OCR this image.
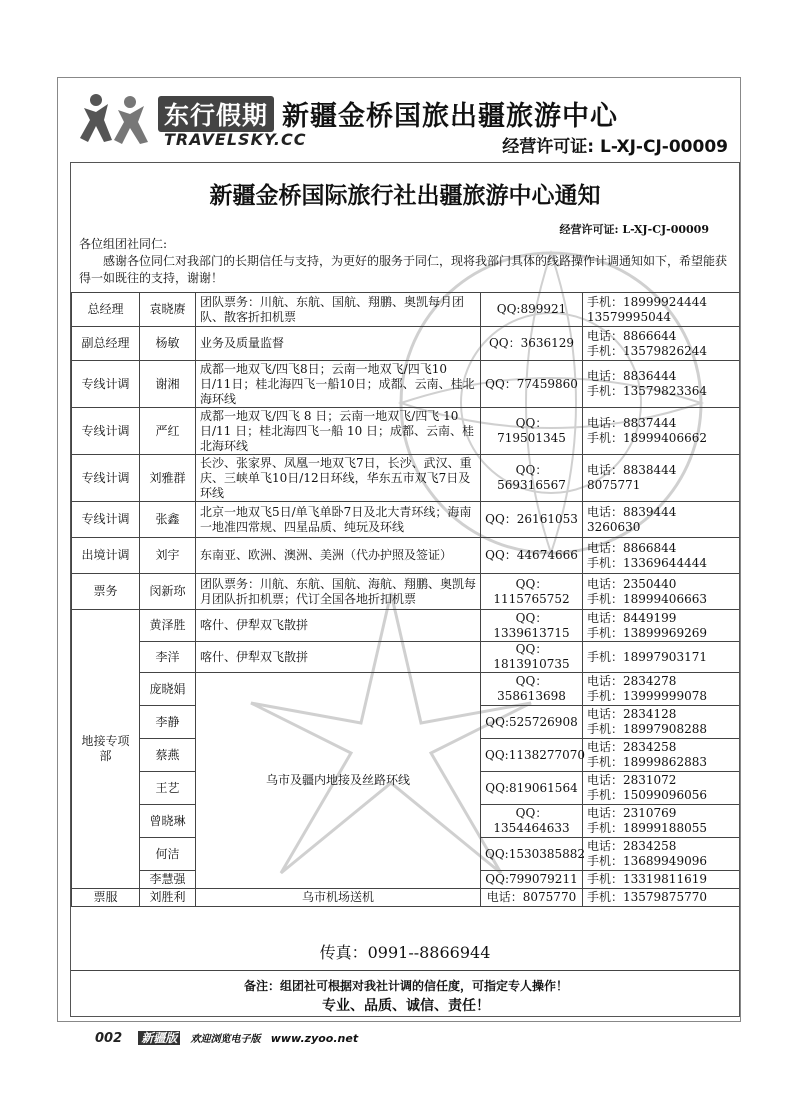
东行假期
TRAVELSKY.CC
新疆金桥国旅出疆旅游中心
经营许可证: L-XJ-CJ-00009
新疆金桥国际旅行社出疆旅游中心通知
经营许可证: L-XJ-CJ-00009
各位组团社同仁:
感谢各位同仁对我部门的长期信任与支持，为更好的服务于同仁，现将我部门具体的线路操作计调通知如下，希望能获得一如既往的支持，谢谢！
总经理	袁晓赓	团队票务：川航、东航、国航、翔鹏、奥凯每月团队、散客折扣机票	QQ:899921	手机：18999924444
13579995044

副总经理	杨敏	业务及质量监督	QQ：3636129	电话：8866644
手机：13579826244

专线计调	谢湘	成都一地双飞/四飞8日；云南一地双飞/四飞10日/11日；桂北海四飞一船10日；成都、云南、桂北海环线	QQ：77459860	电话：8836444
手机：13579823364

专线计调	严红	成都一地双飞/四飞 8 日；云南一地双飞/四飞 10 日/11 日；桂北海四飞一船 10 日；成都、云南、桂北海环线	QQ：719501345	电话：8837444
手机：18999406662

专线计调	刘雅群	长沙、张家界、凤凰一地双飞7日，长沙、武汉、重庆、三峡单飞10日/12日环线，华东五市双飞7日及环线	QQ：569316567	电话：8838444
8075771

专线计调	张鑫	北京一地双飞5日/单飞单卧7日及北大青环线；海南一地准四常规、四星品质、纯玩及环线	QQ：26161053	电话：8839444
3260630

出境计调	刘宇	东南亚、欧洲、澳洲、美洲（代办护照及签证）	QQ：44674666	电话：8866844
手机：13369644444

票务	闵新珎	团队票务：川航、东航、国航、海航、翔鹏、奥凯每月团队折扣机票；代订全国各地折扣机票	QQ：1115765752	电话：2350440
手机：18999406663

地接专项部	黄泽胜	喀什、伊犁双飞散拼	QQ：1339613715	电话：8449199
手机：13899969269

	李洋	喀什、伊犁双飞散拼	QQ：1813910735	手机：18997903171

	庞晓娟	乌市及疆内地接及丝路环线	QQ： 358613698	电话：2834278
手机：13999999078

	李静		QQ:525726908	电话：2834128
手机：18997908288

	蔡燕		QQ:1138277070	电话：2834258
手机：18999862883

	王艺		QQ:819061564	电话：2831072
手机：15099096056

	曾晓琳		QQ： 1354464633	电话：2310769
手机：18999188055

	何洁		QQ:1530385882	电话：2834258
手机：13689949096

	李慧强		QQ:799079211	手机：13319811619

票服	刘胜利	乌市机场送机	电话：8075770	手机：13579875770
传真：0991--8866944
备注：组团社可根据对我社计调的信任度，可指定专人操作！
专业、品质、诚信、责任！
002 新疆版 欢迎浏览电子版 www.zyoo.net
